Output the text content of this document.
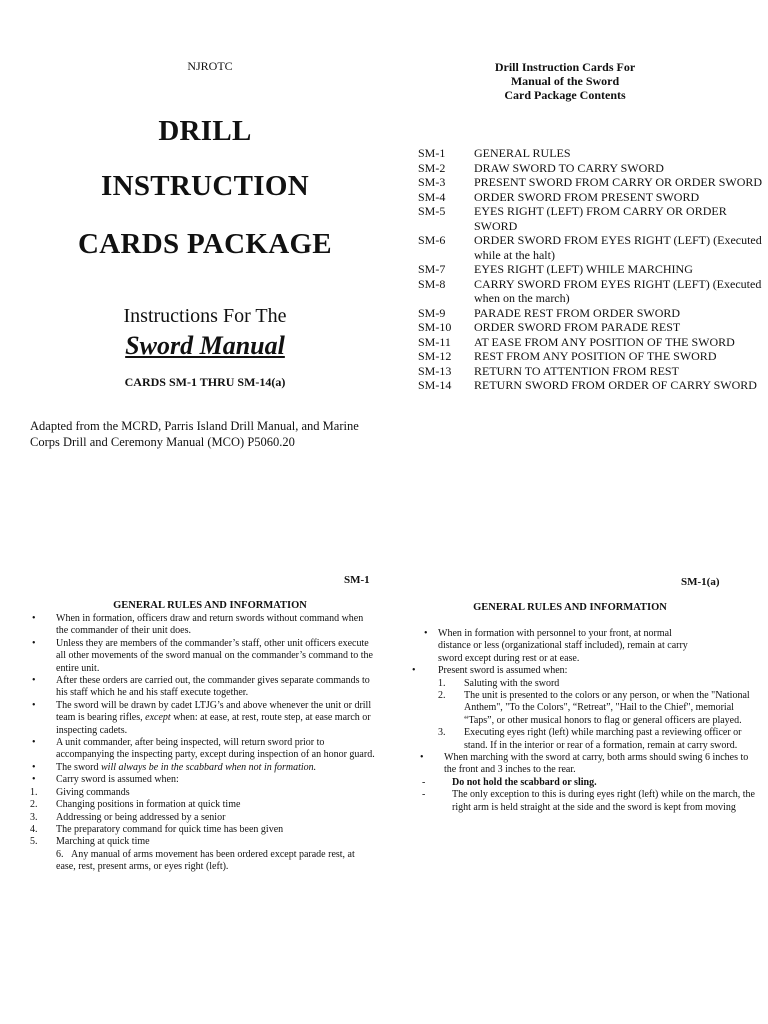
NJROTC
DRILL
INSTRUCTION
CARDS PACKAGE
Instructions For The
Sword Manual
CARDS SM-1 THRU SM-14(a)
Adapted from the MCRD, Parris Island Drill Manual, and Marine Corps Drill and Ceremony Manual (MCO) P5060.20
Drill Instruction Cards For
Manual of the Sword
Card Package Contents
SM-1	GENERAL RULES
SM-2	DRAW SWORD TO CARRY SWORD
SM-3	PRESENT SWORD FROM CARRY OR ORDER SWORD
SM-4	ORDER SWORD FROM PRESENT SWORD
SM-5	EYES RIGHT (LEFT) FROM CARRY OR ORDER SWORD
SM-6	ORDER SWORD FROM EYES RIGHT (LEFT) (Executed while at the halt)
SM-7	EYES RIGHT (LEFT) WHILE MARCHING
SM-8	CARRY SWORD FROM EYES RIGHT (LEFT) (Executed when on the march)
SM-9	PARADE REST FROM ORDER SWORD
SM-10	ORDER SWORD FROM PARADE REST
SM-11	AT EASE FROM ANY POSITION OF THE SWORD
SM-12	REST FROM ANY POSITION OF THE SWORD
SM-13	RETURN TO ATTENTION FROM REST
SM-14	RETURN SWORD FROM ORDER OF CARRY SWORD
SM-1
GENERAL RULES AND INFORMATION
• When in formation, officers draw and return swords without command when the commander of their unit does.
• Unless they are members of the commander’s staff, other unit officers execute all other movements of the sword manual on the commander’s command to the entire unit.
• After these orders are carried out, the commander gives separate commands to his staff which he and his staff execute together.
• The sword will be drawn by cadet LTJG’s and above whenever the unit or drill team is bearing rifles, except when: at ease, at rest, route step, at ease march or inspecting cadets.
• A unit commander, after being inspected, will return sword prior to accompanying the inspecting party, except during inspection of an honor guard.
• The sword will always be in the scabbard when not in formation.
• Carry sword is assumed when:
1. Giving commands
2. Changing positions in formation at quick time
3. Addressing or being addressed by a senior
4. The preparatory command for quick time has been given
5. Marching at quick time
6. Any manual of arms movement has been ordered except parade rest, at ease, rest, present arms, or eyes right (left).
SM-1(a)
GENERAL RULES AND INFORMATION
• When in formation with personnel to your front, at normal distance or less (organizational staff included), remain at carry sword except during rest or at ease.
• Present sword is assumed when:
1. Saluting with the sword
2. The unit is presented to the colors or any person, or when the "National Anthem", "To the Colors", “Retreat”, "Hail to the Chief", memorial “Taps”, or other musical honors to flag or general officers are played.
3. Executing eyes right (left) while marching past a reviewing officer or stand. If in the interior or rear of a formation, remain at carry sword.
• When marching with the sword at carry, both arms should swing 6 inches to the front and 3 inches to the rear.
-	Do not hold the scabbard or sling.
-	The only exception to this is during eyes right (left) while on the march, the right arm is held straight at the side and the sword is kept from moving
